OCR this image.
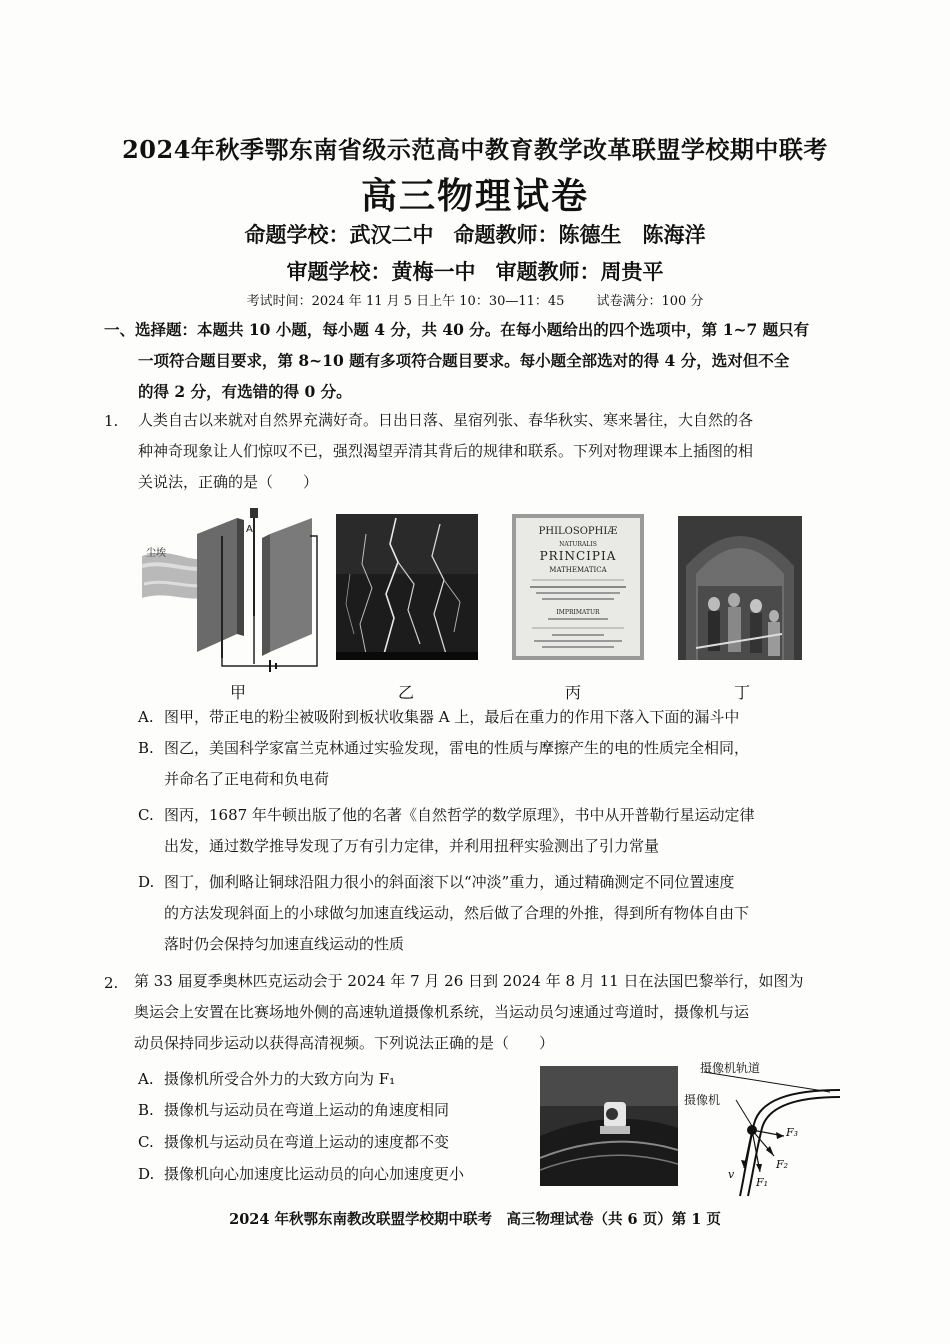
2024年秋季鄂东南省级示范高中教育教学改革联盟学校期中联考
高三物理试卷
命题学校：武汉二中 命题教师：陈德生　陈海洋
审题学校：黄梅一中 审题教师：周贵平
考试时间：2024 年 11 月 5 日上午 10：30—11：45 试卷满分：100 分
一、选择题：本题共 10 小题，每小题 4 分，共 40 分。在每小题给出的四个选项中，第 1~7 题只有
一项符合题目要求，第 8~10 题有多项符合题目要求。每小题全部选对的得 4 分，选对但不全
的得 2 分，有选错的得 0 分。
1. 人类自古以来就对自然界充满好奇。日出日落、星宿列张、春华秋实、寒来暑往，大自然的各
种神奇现象让人们惊叹不已，强烈渴望弄清其背后的规律和联系。下列对物理课本上插图的相
关说法，正确的是（　　）
尘埃
A	PHILOSOPHIÆ
NATURALIS
PRINCIPIA
MATHEMATICA
IMPRIMATUR
甲	乙	丙	丁
A. 图甲，带正电的粉尘被吸附到板状收集器 A 上，最后在重力的作用下落入下面的漏斗中
B. 图乙，美国科学家富兰克林通过实验发现，雷电的性质与摩擦产生的电的性质完全相同，
并命名了正电荷和负电荷
C. 图丙，1687 年牛顿出版了他的名著《自然哲学的数学原理》，书中从开普勒行星运动定律
出发，通过数学推导发现了万有引力定律，并利用扭秤实验测出了引力常量
D. 图丁，伽利略让铜球沿阻力很小的斜面滚下以“冲淡”重力，通过精确测定不同位置速度
的方法发现斜面上的小球做匀加速直线运动，然后做了合理的外推，得到所有物体自由下
落时仍会保持匀加速直线运动的性质
2. 第 33 届夏季奥林匹克运动会于 2024 年 7 月 26 日到 2024 年 8 月 11 日在法国巴黎举行，如图为
奥运会上安置在比赛场地外侧的高速轨道摄像机系统，当运动员匀速通过弯道时，摄像机与运
动员保持同步运动以获得高清视频。下列说法正确的是（　　）
A. 摄像机所受合外力的大致方向为 F₁
B. 摄像机与运动员在弯道上运动的角速度相同
C. 摄像机与运动员在弯道上运动的速度都不变
D. 摄像机向心加速度比运动员的向心加速度更小
摄像机轨道
摄像机
F₃
F₂
F₁
v
2024 年秋鄂东南教改联盟学校期中联考　高三物理试卷（共 6 页）第 1 页
